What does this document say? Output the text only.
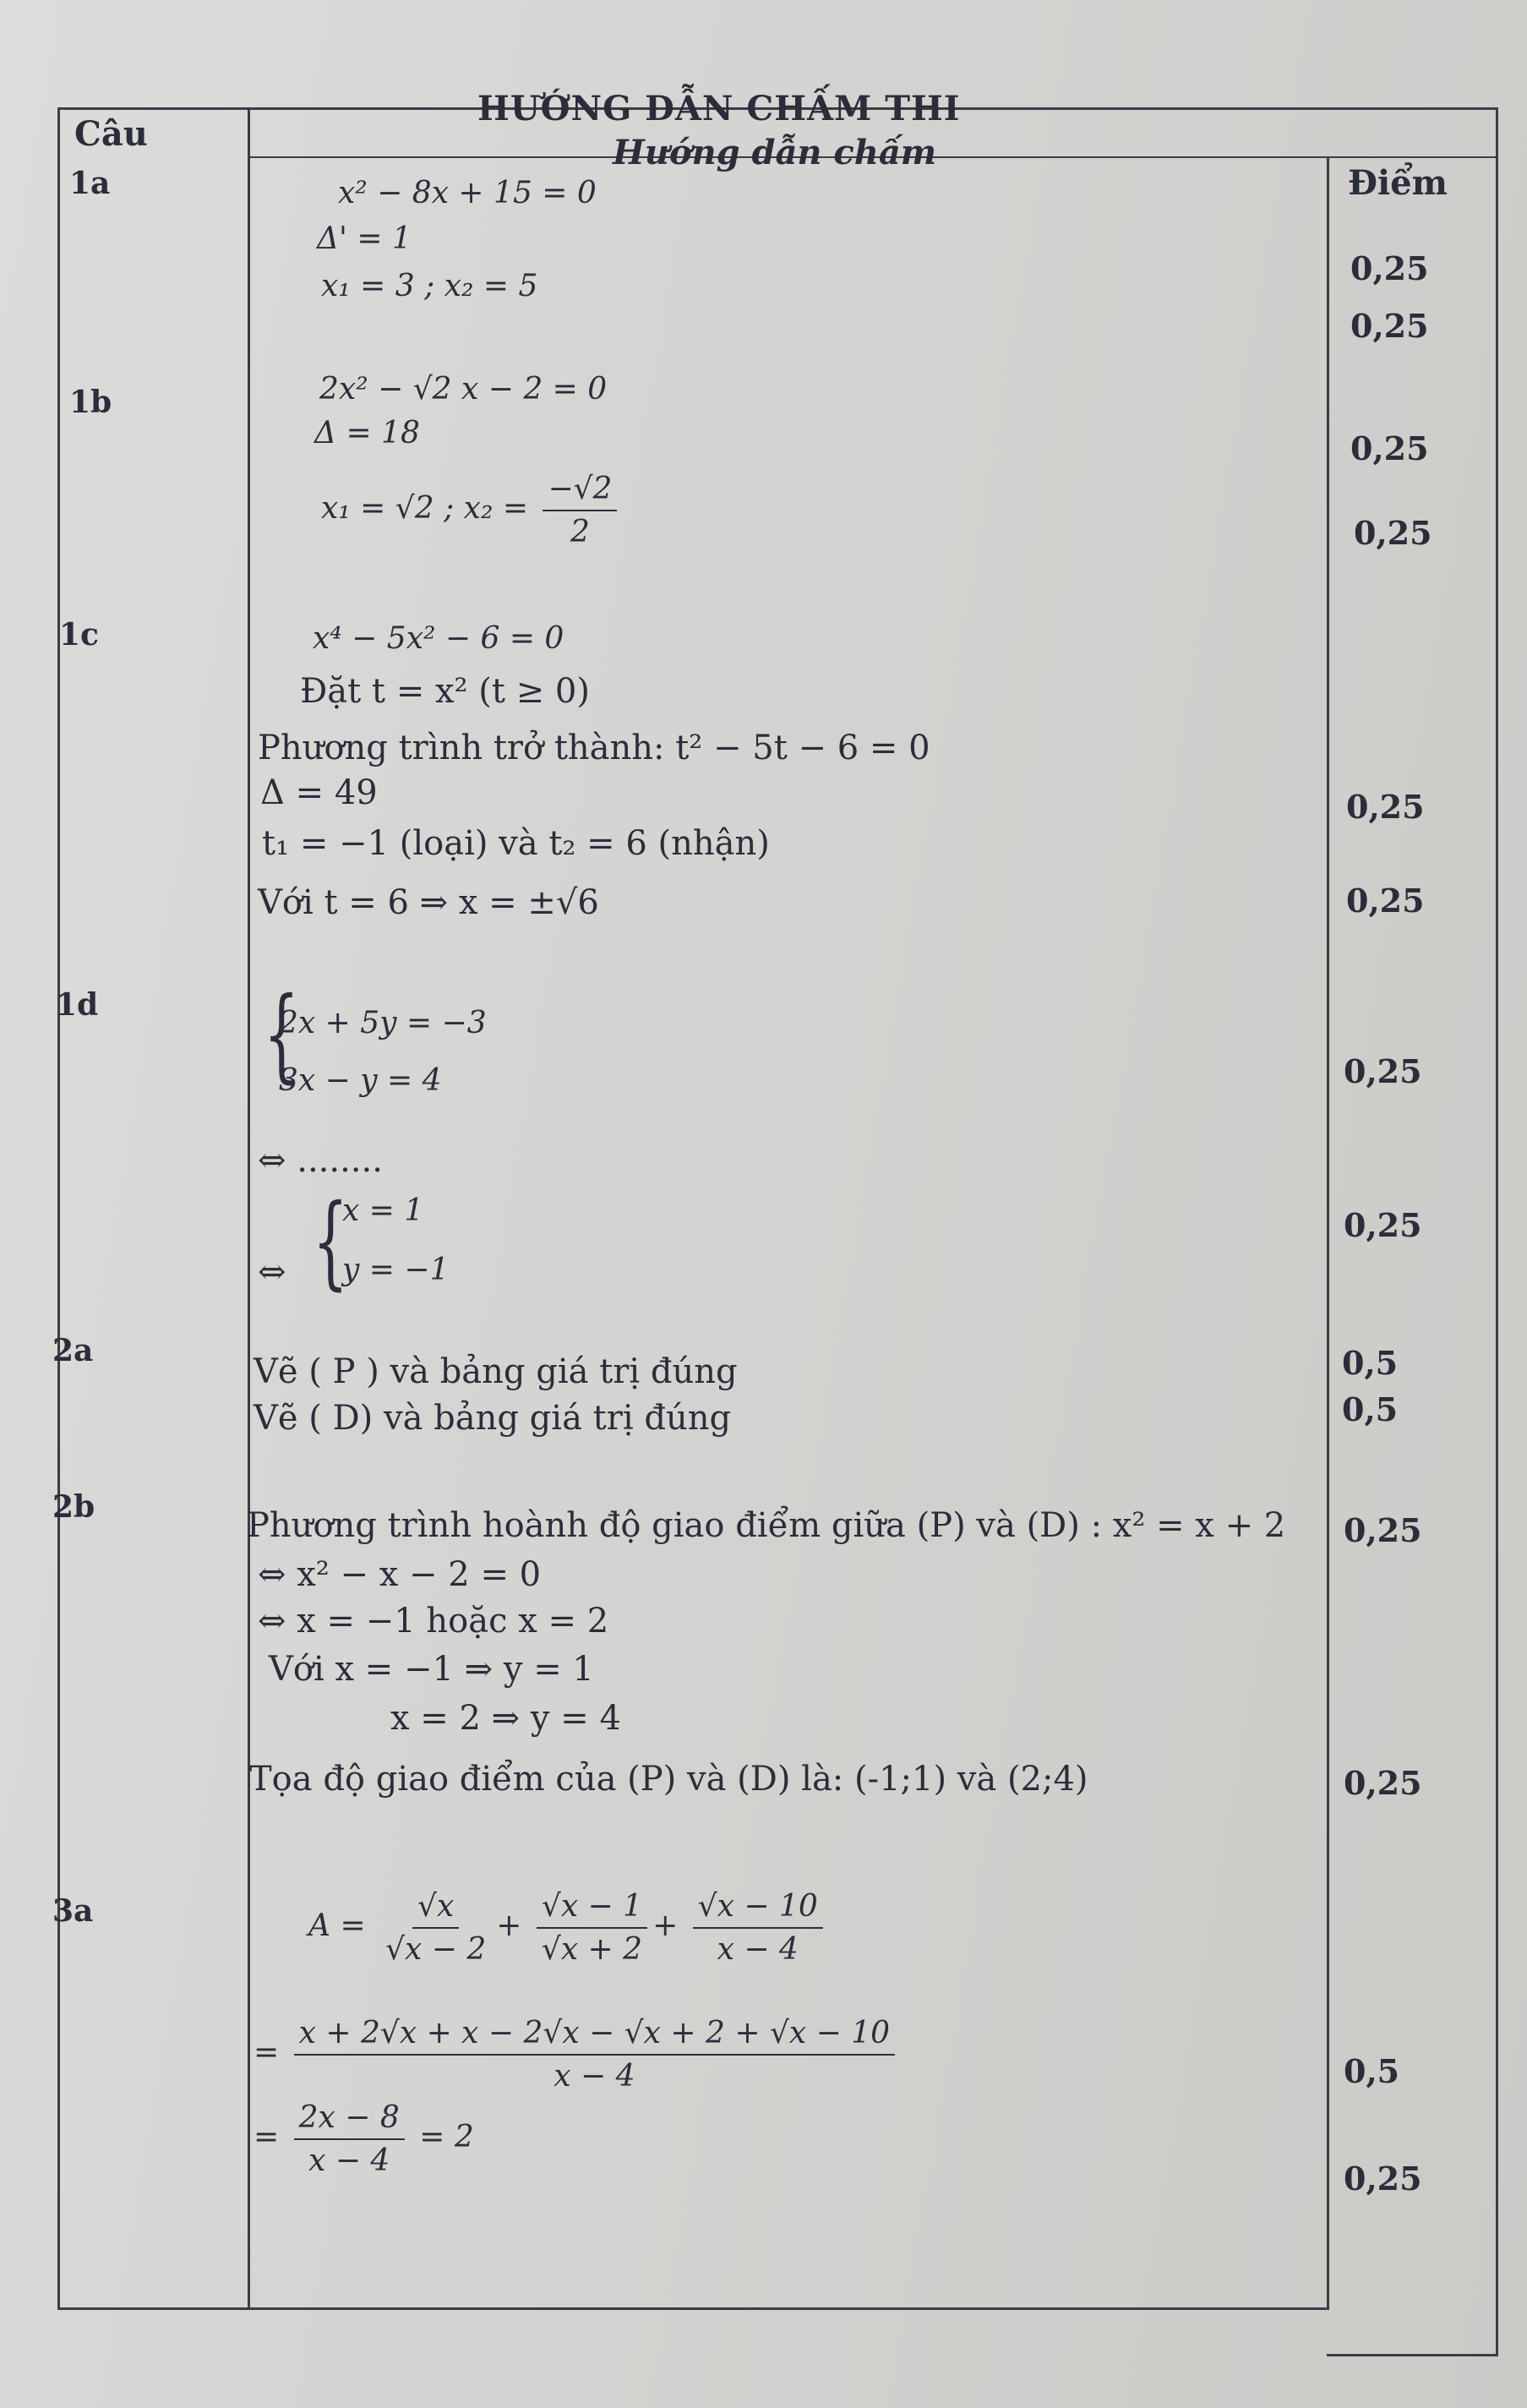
HƯỚNG DẪN CHẤM THI
Câu	Hướng dẫn chấm
Điểm
1a
1b
1c
1d
2a
2b
3a
x² − 8x + 15 = 0
Δ' = 1
x₁ = 3 ; x₂ = 5
2x² − √2 x − 2 = 0
Δ = 18
x₁ = √2 ; $x_2 = \frac{-√2}{2}$
x⁴ − 5x² − 6 = 0
Đặt t = x² (t ≥ 0)
Phương trình trở thành: t² − 5t − 6 = 0
Δ = 49
t₁ = −1 (loại) và t₂ = 6 (nhận)
Với t = 6 ⇒ x = ±√6
{
2x + 5y = −3
3x − y = 4
⇔ ........
⇔ {
x = 1
y = −1
Vẽ ( P ) và bảng giá trị đúng
Vẽ ( D) và bảng giá trị đúng
Phương trình hoành độ giao điểm giữa (P) và (D) : x² = x + 2
⇔ x² − x − 2 = 0
⇔ x = −1 hoặc x = 2
Với x = −1 ⇒ y = 1
x = 2 ⇒ y = 4
Tọa độ giao điểm của (P) và (D) là: (-1;1) và (2;4)
$A = \frac{√x}{√x - 2} + \frac{√x - 1}{√x + 2} + \frac{√x - 10}{x - 4}$
= $\frac{x + 2√x + x - 2√x - √x + 2 + √x - 10}{x - 4}$
= $\frac{2x - 8}{x - 4} = 2$
0,25
0,25
0,25
0,25
0,25
0,25
0,25
0,25
0,5
0,5
0,25
0,25
0,5
0,25
